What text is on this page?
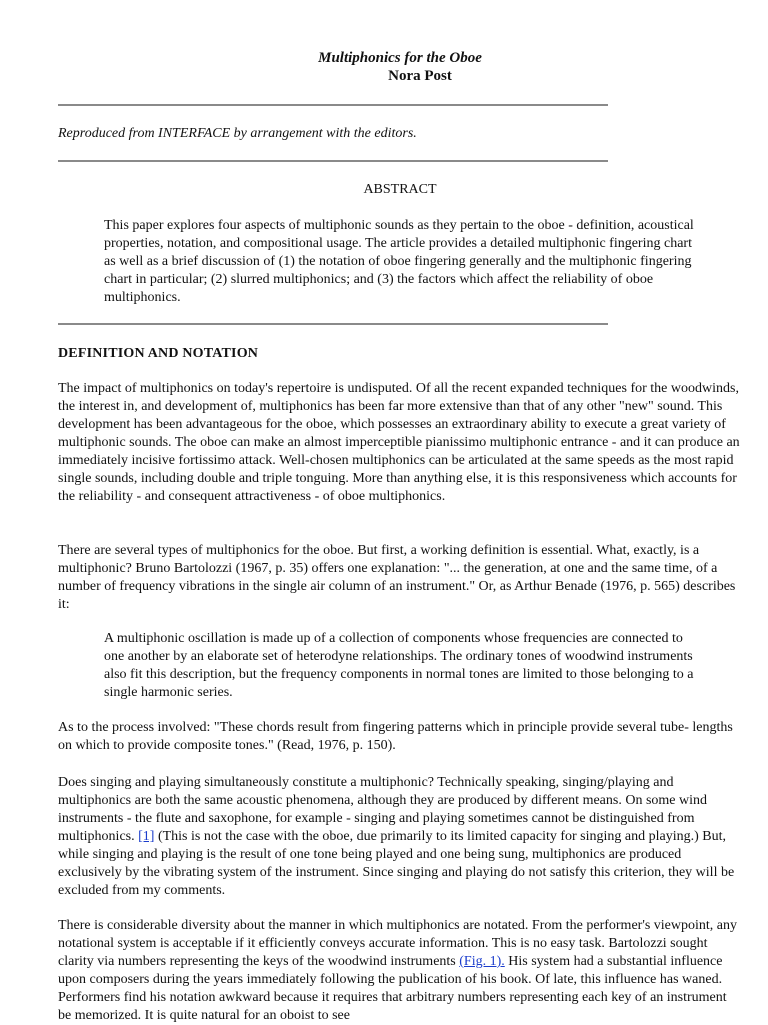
Multiphonics for the Oboe
Nora Post
Reproduced from INTERFACE by arrangement with the editors.
ABSTRACT

This paper explores four aspects of multiphonic sounds as they pertain to the oboe - definition, acoustical properties, notation, and compositional usage. The article provides a detailed multiphonic fingering chart as well as a brief discussion of (1) the notation of oboe fingering generally and the multiphonic fingering chart in particular; (2) slurred multiphonics; and (3) the factors which affect the reliability of oboe multiphonics.

DEFINITION AND NOTATION

The impact of multiphonics on today's repertoire is undisputed. Of all the recent expanded techniques for the woodwinds, the interest in, and development of, multiphonics has been far more extensive than that of any other "new" sound. This development has been advantageous for the oboe, which possesses an extraordinary ability to execute a great variety of multiphonic sounds. The oboe can make an almost imperceptible pianissimo multiphonic entrance - and it can produce an immediately incisive fortissimo attack. Well-chosen multiphonics can be articulated at the same speeds as the most rapid single sounds, including double and triple tonguing. More than anything else, it is this responsiveness which accounts for the reliability - and consequent attractiveness - of oboe multiphonics.

There are several types of multiphonics for the oboe. But first, a working definition is essential. What, exactly, is a multiphonic? Bruno Bartolozzi (1967, p. 35) offers one explanation: "... the generation, at one and the same time, of a number of frequency vibrations in the single air column of an instrument." Or, as Arthur Benade (1976, p. 565) describes it:

A multiphonic oscillation is made up of a collection of components whose frequencies are connected to one another by an elaborate set of heterodyne relationships. The ordinary tones of woodwind instruments also fit this description, but the frequency components in normal tones are limited to those belonging to a single harmonic series.

As to the process involved: "These chords result from fingering patterns which in principle provide several tube- lengths on which to provide composite tones." (Read, 1976, p. 150).

Does singing and playing simultaneously constitute a multiphonic? Technically speaking, singing/playing and multiphonics are both the same acoustic phenomena, although they are produced by different means. On some wind instruments - the flute and saxophone, for example - singing and playing sometimes cannot be distinguished from multiphonics. [1] (This is not the case with the oboe, due primarily to its limited capacity for singing and playing.) But, while singing and playing is the result of one tone being played and one being sung, multiphonics are produced exclusively by the vibrating system of the instrument. Since singing and playing do not satisfy this criterion, they will be excluded from my comments.

There is considerable diversity about the manner in which multiphonics are notated. From the performer's viewpoint, any notational system is acceptable if it efficiently conveys accurate information. This is no easy task. Bartolozzi sought clarity via numbers representing the keys of the woodwind instruments (Fig. 1). His system had a substantial influence upon composers during the years immediately following the publication of his book. Of late, this influence has waned. Performers find his notation awkward because it requires that arbitrary numbers representing each key of an instrument be memorized. It is quite natural for an oboist to see
